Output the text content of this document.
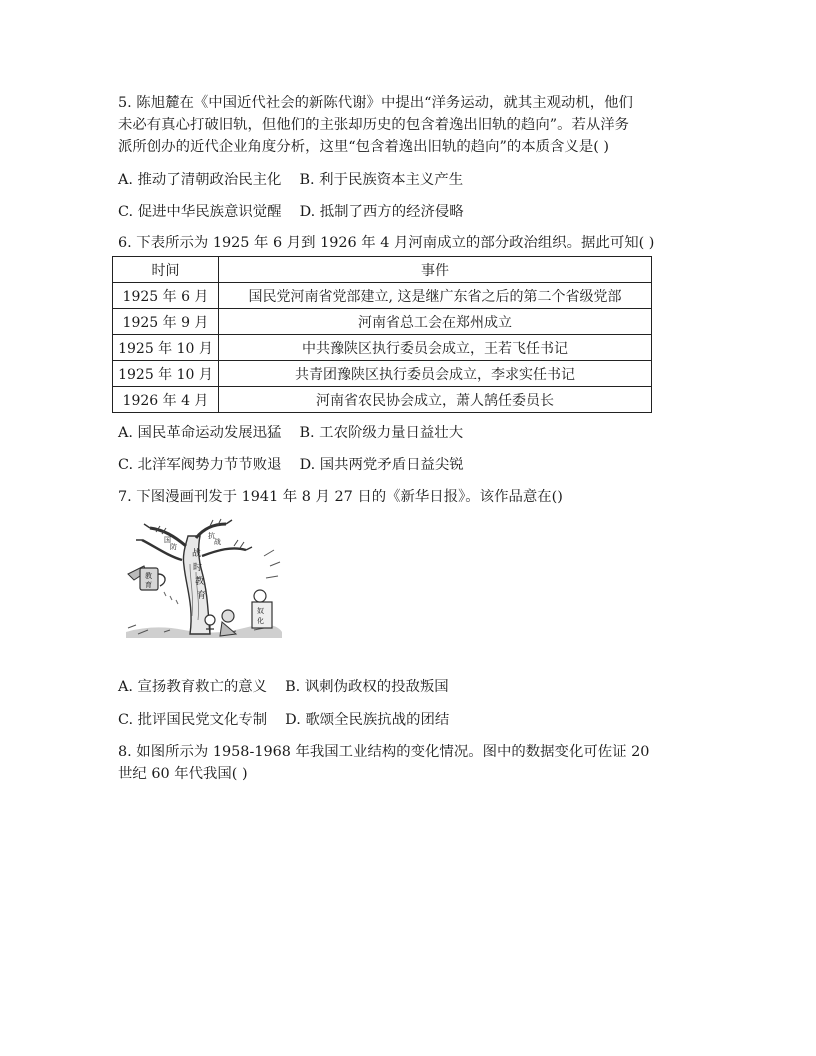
5. 陈旭麓在《中国近代社会的新陈代谢》中提出“洋务运动，就其主观动机，他们

未必有真心打破旧轨，但他们的主张却历史的包含着逸出旧轨的趋向”。若从洋务

派所创办的近代企业角度分析，这里“包含着逸出旧轨的趋向”的本质含义是( )

A. 推动了清朝政治民主化 B. 利于民族资本主义产生

C. 促进中华民族意识觉醒 D. 抵制了西方的经济侵略

6. 下表所示为 1925 年 6 月到 1926 年 4 月河南成立的部分政治组织。据此可知( )

时间	事件
1925 年 6 月	国民党河南省党部建立, 这是继广东省之后的第二个省级党部
1925 年 9 月	河南省总工会在郑州成立
1925 年 10 月	中共豫陕区执行委员会成立，王若飞任书记
1925 年 10 月	共青团豫陕区执行委员会成立，李求实任书记
1926 年 4 月	河南省农民协会成立，萧人鹄任委员长

A. 国民革命运动发展迅猛 B. 工农阶级力量日益壮大

C. 北洋军阀势力节节败退 D. 国共两党矛盾日益尖锐

7. 下图漫画刊发于 1941 年 8 月 27 日的《新华日报》。该作品意在()

战
时
教
育
国
防
抗
战
教
育
奴
化

A. 宣扬教育救亡的意义 B. 讽刺伪政权的投敌叛国

C. 批评国民党文化专制 D. 歌颂全民族抗战的团结

8. 如图所示为 1958-1968 年我国工业结构的变化情况。图中的数据变化可佐证 20

世纪 60 年代我国( )
